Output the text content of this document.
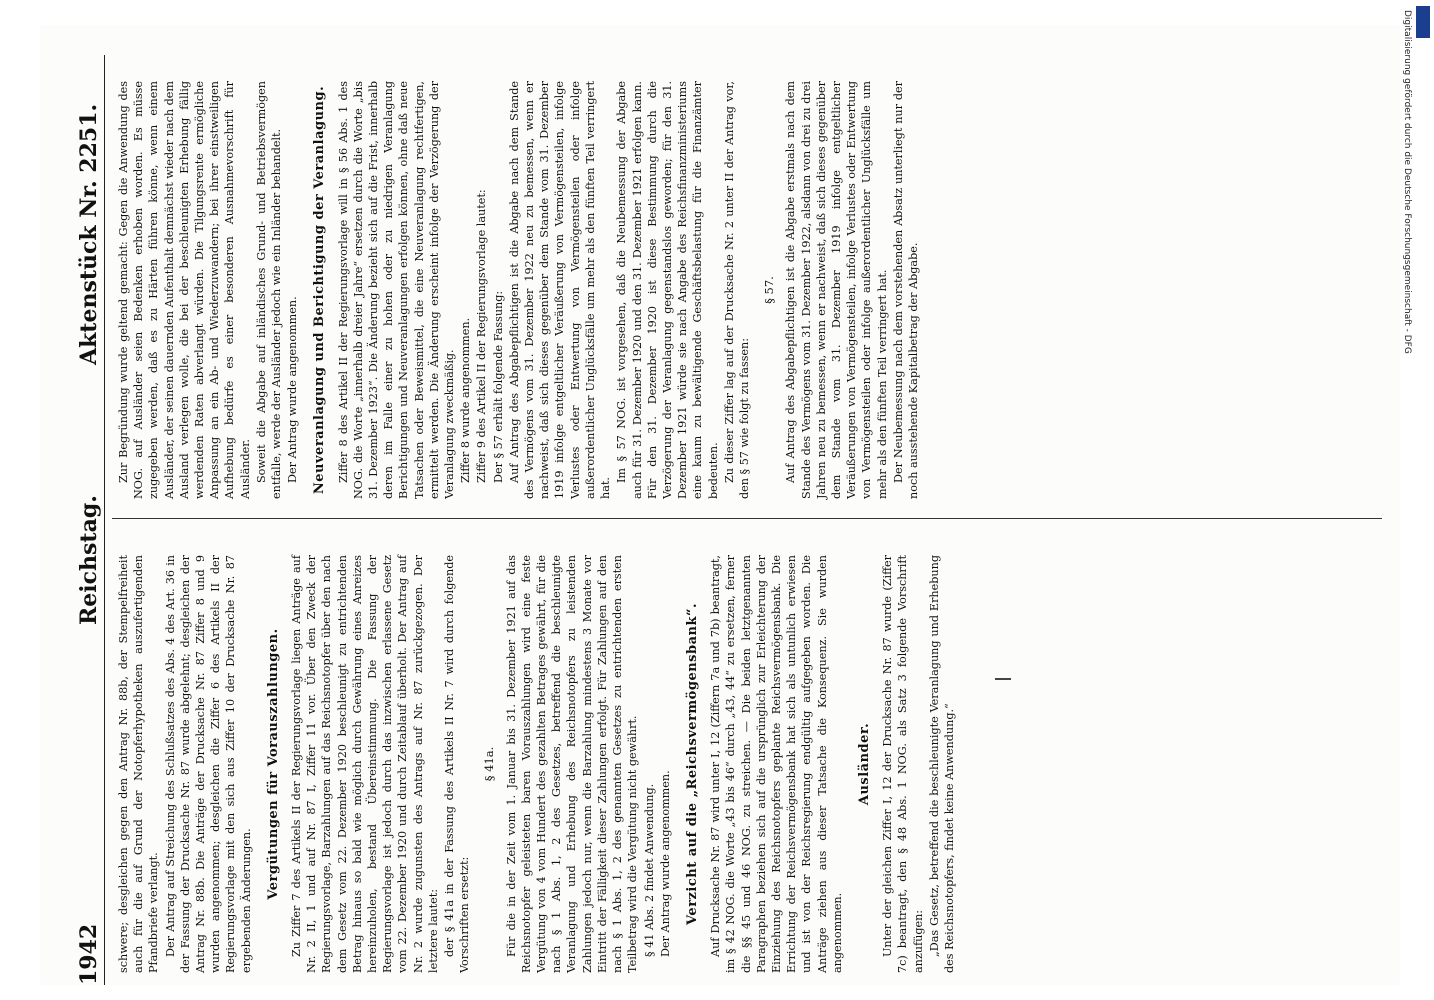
1942
Reichstag.
Aktenstück Nr. 2251.

schwere; desgleichen gegen den Antrag Nr. 88b, der Stempelfreiheit auch für die auf Grund der Notopferhypotheken auszufertigenden Pfandbriefe verlangt. Der Antrag auf Streichung des Schlußsatzes des Abs. 4 des Art. 36 in der Fassung der Drucksache Nr. 87 wurde abgelehnt; desgleichen der Antrag Nr. 88b. Die Anträge der Drucksache Nr. 87 Ziffer 8 und 9 wurden angenommen; desgleichen die Ziffer 6 des Artikels II der Regierungsvorlage mit den sich aus Ziffer 10 der Drucksache Nr. 87 ergebenden Änderungen.

Vergütungen für Vorauszahlungen. Zu Ziffer 7 des Artikels II der Regierungsvorlage liegen Anträge auf Nr. 2 II, 1 und auf Nr. 87 I, Ziffer 11 vor. Über den Zweck der Regierungsvorlage, Barzahlungen auf das Reichsnotopfer über den nach dem Gesetz vom 22. Dezember 1920 beschleunigt zu entrichtenden Betrag hinaus so bald wie möglich durch Gewährung eines Anreizes hereinzuholen, bestand Übereinstimmung. Die Fassung der Regierungsvorlage ist jedoch durch das inzwischen erlassene Gesetz vom 22. Dezember 1920 und durch Zeitablauf überholt. Der Antrag auf Nr. 2 wurde zugunsten des Antrags auf Nr. 87 zurückgezogen. Der letztere lautet: der § 41a in der Fassung des Artikels II Nr. 7 wird durch folgende Vorschriften ersetzt:

§ 41a. Für die in der Zeit vom 1. Januar bis 31. Dezember 1921 auf das Reichsnotopfer geleisteten baren Vorauszahlungen wird eine feste Vergütung von 4 vom Hundert des gezahlten Betrages gewährt, für die nach § 1 Abs. 1, 2 des Gesetzes, betreffend die beschleunigte Veranlagung und Erhebung des Reichsnotopfers zu leistenden Zahlungen jedoch nur, wenn die Barzahlung mindestens 3 Monate vor Eintritt der Fälligkeit dieser Zahlungen erfolgt. Für Zahlungen auf den nach § 1 Abs. 1, 2 des genannten Gesetzes zu entrichtenden ersten Teilbetrag wird die Vergütung nicht gewährt. § 41 Abs. 2 findet Anwendung. Der Antrag wurde angenommen. Verzicht auf die „Reichsvermögensbank“. Auf Drucksache Nr. 87 wird unter I, 12 (Ziffern 7a und 7b) beantragt, im § 42 NOG. die Worte „43 bis 46“ durch „43, 44“ zu ersetzen, ferner die §§ 45 und 46 NOG. zu streichen. — Die beiden letztgenannten Paragraphen beziehen sich auf die ursprünglich zur Erleichterung der Einziehung des Reichsnotopfers geplante Reichsvermögensbank. Die Errichtung der Reichsvermögensbank hat sich als untunlich erwiesen und ist von der Reichsregierung endgültig aufgegeben worden. Die Anträge ziehen aus dieser Tatsache die Konsequenz. Sie wurden angenommen.

Ausländer. Unter der gleichen Ziffer I, 12 der Drucksache Nr. 87 wurde (Ziffer 7c) beantragt, den § 48 Abs. 1 NOG. als Satz 3 folgende Vorschrift anzufügen: „Das Gesetz, betreffend die beschleunigte Veranlagung und Erhebung des Reichsnotopfers, findet keine Anwendung.“

Zur Begründung wurde geltend gemacht: Gegen die Anwendung des NOG. auf Ausländer seien Bedenken erhoben worden. Es müsse zugegeben werden, daß es zu Härten führen könne, wenn einem Ausländer, der seinen dauernden Aufenthalt demnächst wieder nach dem Ausland verlegen wolle, die bei der beschleunigten Erhebung fällig werdenden Raten abverlangt würden. Die Tilgungsrente ermögliche Anpassung an ein Ab- und Wiederzuwandern; bei ihrer einstweiligen Aufhebung bedürfe es einer besonderen Ausnahmevorschrift für Ausländer. Soweit die Abgabe auf inländisches Grund- und Betriebsvermögen entfalle, werde der Ausländer jedoch wie ein Inländer behandelt. Der Antrag wurde angenommen. Neuveranlagung und Berichtigung der Veranlagung. Ziffer 8 des Artikel II der Regierungsvorlage will in § 56 Abs. 1 des NOG. die Worte „innerhalb dreier Jahre“ ersetzen durch die Worte „bis 31. Dezember 1923“. Die Änderung bezieht sich auf die Frist, innerhalb deren im Falle einer zu hohen oder zu niedrigen Veranlagung Berichtigungen und Neuveranlagungen erfolgen können, ohne daß neue Tatsachen oder Beweismittel, die eine Neuveranlagung rechtfertigen, ermittelt werden. Die Änderung erscheint infolge der Verzögerung der Veranlagung zweckmäßig. Ziffer 8 wurde angenommen. Ziffer 9 des Artikel II der Regierungsvorlage lautet: Der § 57 erhält folgende Fassung: Auf Antrag des Abgabepflichtigen ist die Abgabe nach dem Stande des Vermögens vom 31. Dezember 1922 neu zu bemessen, wenn er nachweist, daß sich dieses gegenüber dem Stande vom 31. Dezember 1919 infolge entgeltlicher Veräußerung von Vermögensteilen, infolge Verlustes oder Entwertung von Vermögensteilen oder infolge außerordentlicher Unglücksfälle um mehr als den fünften Teil verringert hat.

Im § 57 NOG. ist vorgesehen, daß die Neubemessung der Abgabe auch für 31. Dezember 1920 und den 31. Dezember 1921 erfolgen kann. Für den 31. Dezember 1920 ist diese Bestimmung durch die Verzögerung der Veranlagung gegenstandslos geworden; für den 31. Dezember 1921 würde sie nach Angabe des Reichsfinanzministeriums eine kaum zu bewältigende Geschäftsbelastung für die Finanzämter bedeuten. Zu dieser Ziffer lag auf der Drucksache Nr. 2 unter II der Antrag vor, den § 57 wie folgt zu fassen:

§ 57. Auf Antrag des Abgabepflichtigen ist die Abgabe erstmals nach dem Stande des Vermögens vom 31. Dezember 1922, alsdann von drei zu drei Jahren neu zu bemessen, wenn er nachweist, daß sich dieses gegenüber dem Stande vom 31. Dezember 1919 infolge entgeltlicher Veräußerungen von Vermögensteilen, infolge Verlustes oder Entwertung von Vermögensteilen oder infolge außerordentlicher Unglücksfälle um mehr als den fünften Teil verringert hat. Der Neubemessung nach dem vorstehenden Absatz unterliegt nur der noch ausstehende Kapitalbetrag der Abgabe.

Digitalisierung gefördert durch die Deutsche Forschungsgemeinschaft - DFG
